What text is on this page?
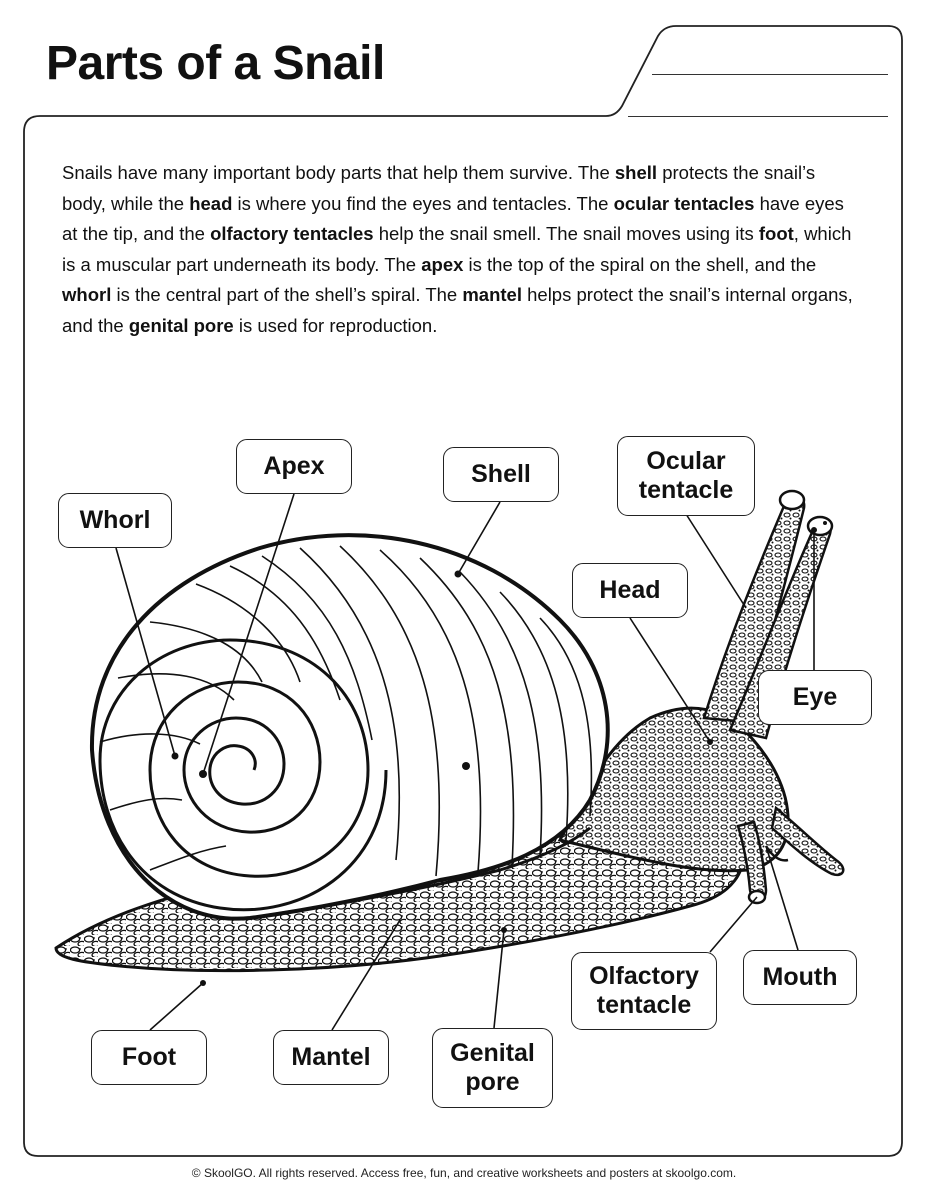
Parts of a Snail

Snails have many important body parts that help them survive. The shell protects the snail’s body, while the head is where you find the eyes and tentacles. The ocular tentacles have eyes at the tip, and the olfactory tentacles help the snail smell. The snail moves using its foot, which is a muscular part underneath its body. The apex is the top of the spiral on the shell, and the whorl is the central part of the shell’s spiral. The mantel helps protect the snail’s internal organs, and the genital pore is used for reproduction.

Apex	Shell	Ocular
tentacle
Whorl
Head
Eye
Olfactory
tentacle
Mouth
Foot	Mantel	Genital
pore

© SkoolGO. All rights reserved. Access free, fun, and creative worksheets and posters at skoolgo.com.
